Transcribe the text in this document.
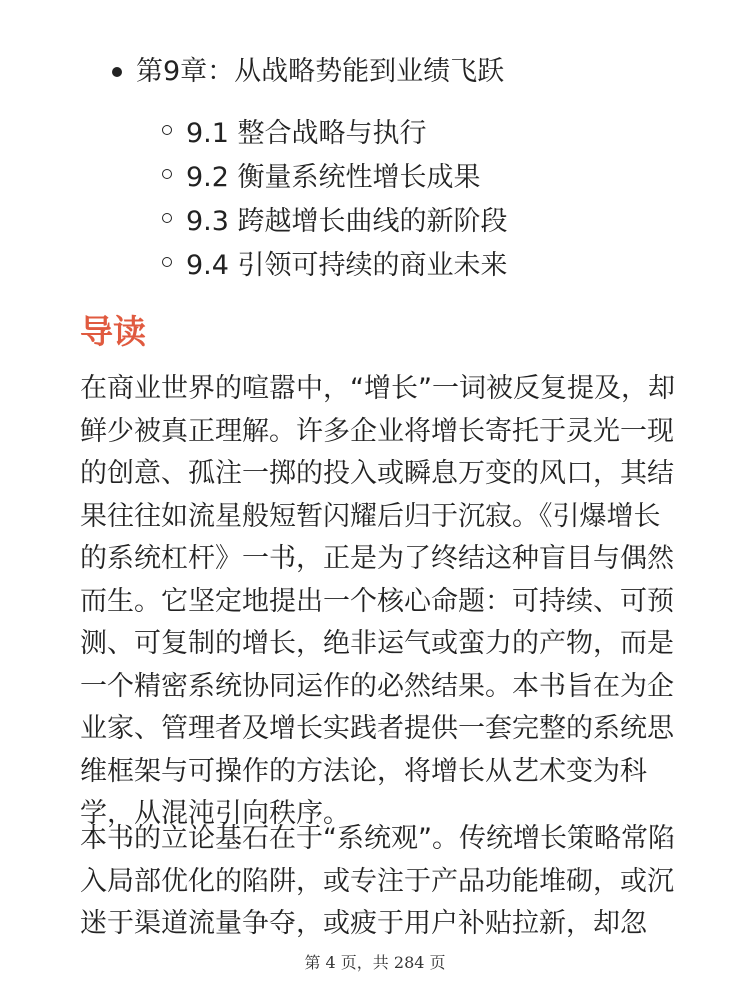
第9章：从战略势能到业绩飞跃
9.1 整合战略与执行
9.2 衡量系统性增长成果
9.3 跨越增长曲线的新阶段
9.4 引领可持续的商业未来
导读

在商业世界的喧嚣中，“增长”一词被反复提及，却鲜少被真正理解。许多企业将增长寄托于灵光一现的创意、孤注一掷的投入或瞬息万变的风口，其结果往往如流星般短暂闪耀后归于沉寂。《引爆增长的系统杠杆》一书，正是为了终结这种盲目与偶然而生。它坚定地提出一个核心命题：可持续、可预测、可复制的增长，绝非运气或蛮力的产物，而是一个精密系统协同运作的必然结果。本书旨在为企业家、管理者及增长实践者提供一套完整的系统思维框架与可操作的方法论，将增长从艺术变为科学，从混沌引向秩序。

本书的立论基石在于“系统观”。传统增长策略常陷入局部优化的陷阱，或专注于产品功能堆砌，或沉迷于渠道流量争夺，或疲于用户补贴拉新，却忽

第 4 页，共 284 页
